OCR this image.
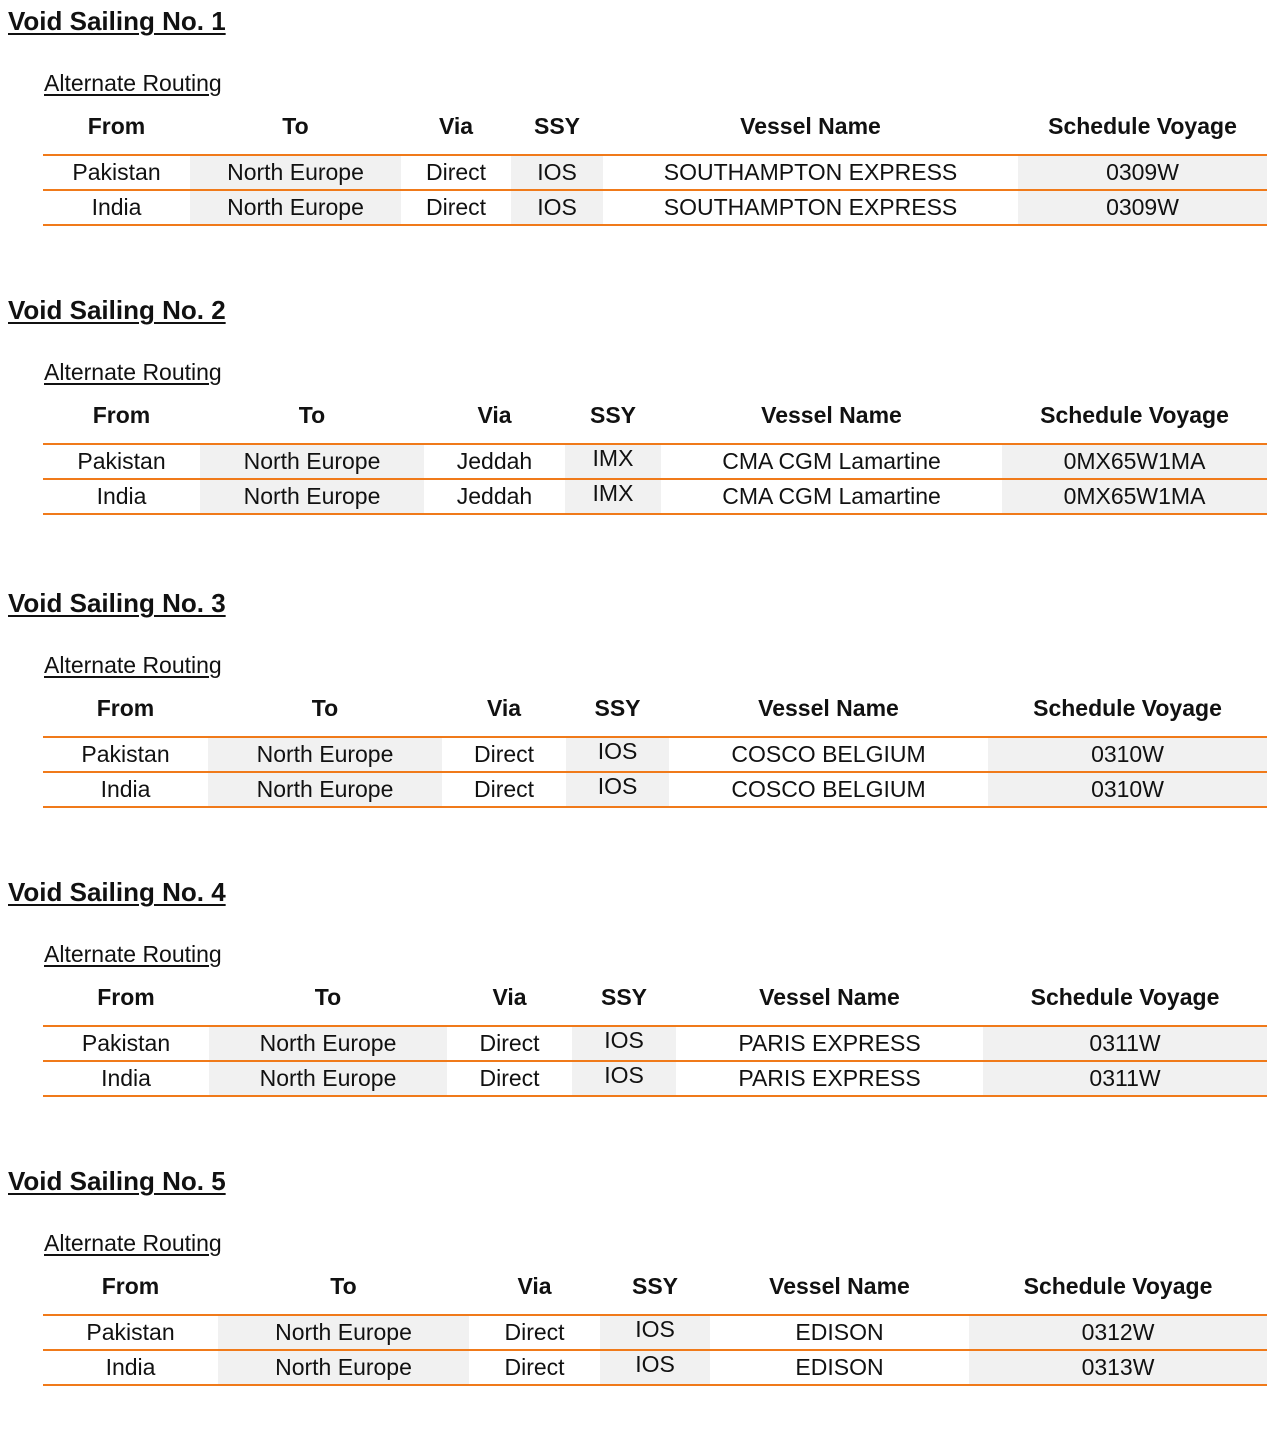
Void Sailing No. 1
Alternate Routing
From	To	Via	SSY	Vessel Name	Schedule Voyage
Pakistan	North Europe	Direct	IOS	SOUTHAMPTON EXPRESS	0309W
India	North Europe	Direct	IOS	SOUTHAMPTON EXPRESS	0309W
Void Sailing No. 2
Alternate Routing
From	To	Via	SSY	Vessel Name	Schedule Voyage
Pakistan	North Europe	Jeddah	IMX	CMA CGM Lamartine	0MX65W1MA
India	North Europe	Jeddah	IMX	CMA CGM Lamartine	0MX65W1MA
Void Sailing No. 3
Alternate Routing
From	To	Via	SSY	Vessel Name	Schedule Voyage
Pakistan	North Europe	Direct	IOS	COSCO BELGIUM	0310W
India	North Europe	Direct	IOS	COSCO BELGIUM	0310W
Void Sailing No. 4
Alternate Routing
From	To	Via	SSY	Vessel Name	Schedule Voyage
Pakistan	North Europe	Direct	IOS	PARIS EXPRESS	0311W
India	North Europe	Direct	IOS	PARIS EXPRESS	0311W
Void Sailing No. 5
Alternate Routing
From	To	Via	SSY	Vessel Name	Schedule Voyage
Pakistan	North Europe	Direct	IOS	EDISON	0312W
India	North Europe	Direct	IOS	EDISON	0313W
